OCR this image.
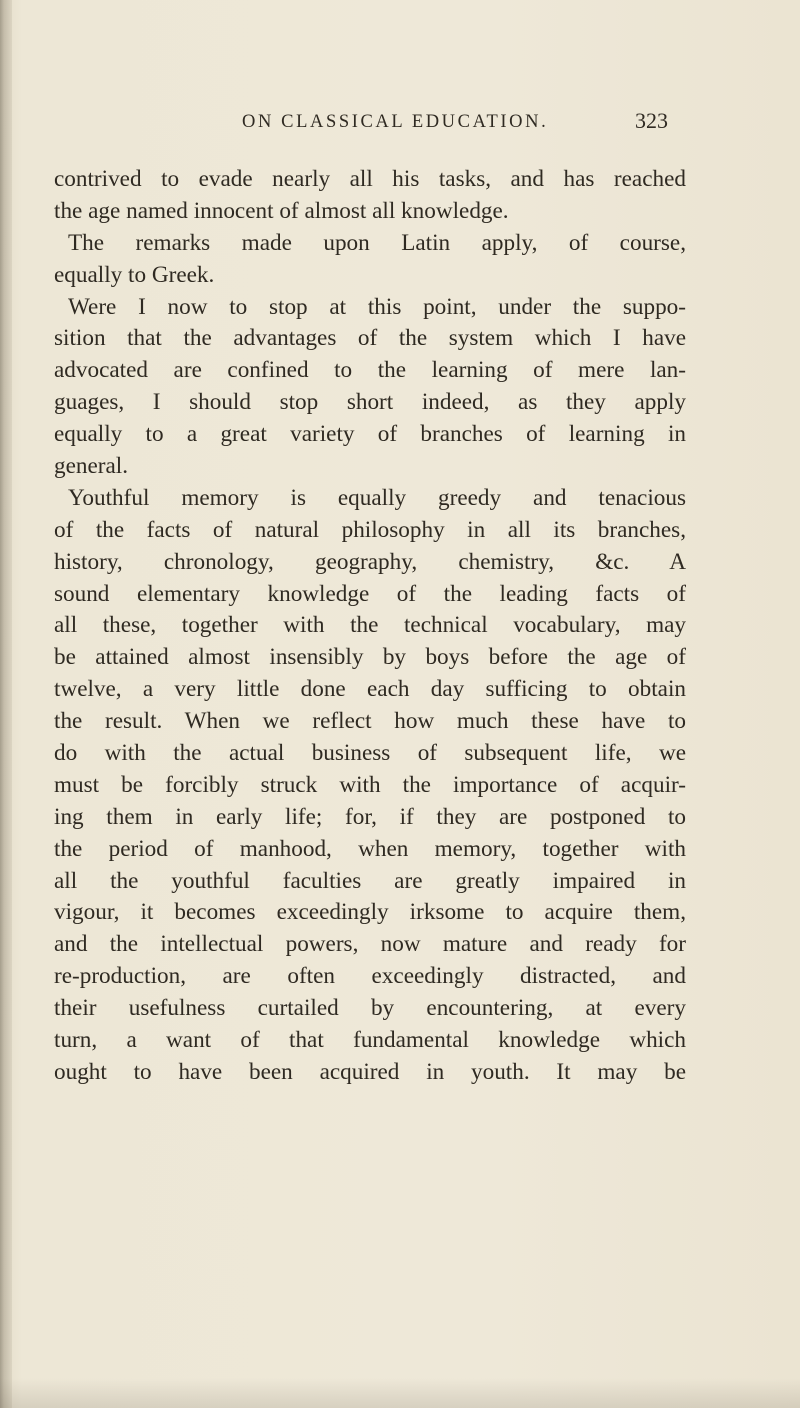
ON CLASSICAL EDUCATION.	323
contrived to evade nearly all his tasks, and has reached
the age named innocent of almost all knowledge.
The remarks made upon Latin apply, of course,
equally to Greek.
Were I now to stop at this point, under the suppo-
sition that the advantages of the system which I have
advocated are confined to the learning of mere lan-
guages, I should stop short indeed, as they apply
equally to a great variety of branches of learning in
general.
Youthful memory is equally greedy and tenacious
of the facts of natural philosophy in all its branches,
history, chronology, geography, chemistry, &c. A
sound elementary knowledge of the leading facts of
all these, together with the technical vocabulary, may
be attained almost insensibly by boys before the age of
twelve, a very little done each day sufficing to obtain
the result. When we reflect how much these have to
do with the actual business of subsequent life, we
must be forcibly struck with the importance of acquir-
ing them in early life; for, if they are postponed to
the period of manhood, when memory, together with
all the youthful faculties are greatly impaired in
vigour, it becomes exceedingly irksome to acquire them,
and the intellectual powers, now mature and ready for
re-production, are often exceedingly distracted, and
their usefulness curtailed by encountering, at every
turn, a want of that fundamental knowledge which
ought to have been acquired in youth. It may be
